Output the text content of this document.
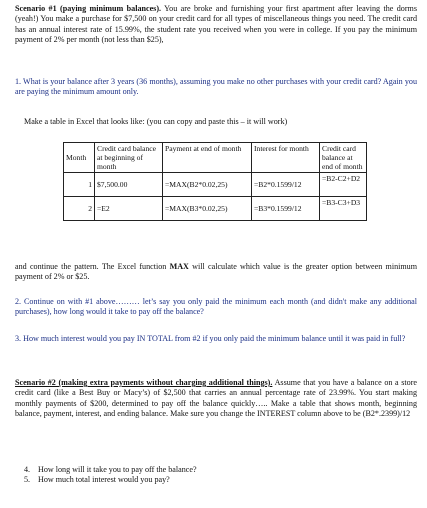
Scenario #1 (paying minimum balances). You are broke and furnishing your first apartment after leaving the dorms (yeah!) You make a purchase for $7,500 on your credit card for all types of miscellaneous things you need. The credit card has an annual interest rate of 15.99%, the student rate you received when you were in college. If you pay the minimum payment of 2% per month (not less than $25),

1. What is your balance after 3 years (36 months), assuming you make no other purchases with your credit card? Again you are paying the minimum amount only.

Make a table in Excel that looks like: (you can copy and paste this – it will work)

Month	Credit card balance at beginning of month	Payment at end of month	Interest for month	Credit card balance at end of month
1	$7,500.00	=MAX(B2*0.02,25)	=B2*0.1599/12	=B2-C2+D2
2	=E2	=MAX(B3*0.02,25)	=B3*0.1599/12	=B3-C3+D3

and continue the pattern. The Excel function MAX will calculate which value is the greater option between minimum payment of 2% or $25.

2. Continue on with #1 above……… let’s say you only paid the minimum each month (and didn't make any additional purchases), how long would it take to pay off the balance?

3. How much interest would you pay IN TOTAL from #2 if you only paid the minimum balance until it was paid in full?

Scenario #2 (making extra payments without charging additional things). Assume that you have a balance on a store credit card (like a Best Buy or Macy’s) of $2,500 that carries an annual percentage rate of 23.99%. You start making monthly payments of $200, determined to pay off the balance quickly….. Make a table that shows month, beginning balance, payment, interest, and ending balance. Make sure you change the INTEREST column above to be (B2*.2399)/12

4. How long will it take you to pay off the balance?
5. How much total interest would you pay?
